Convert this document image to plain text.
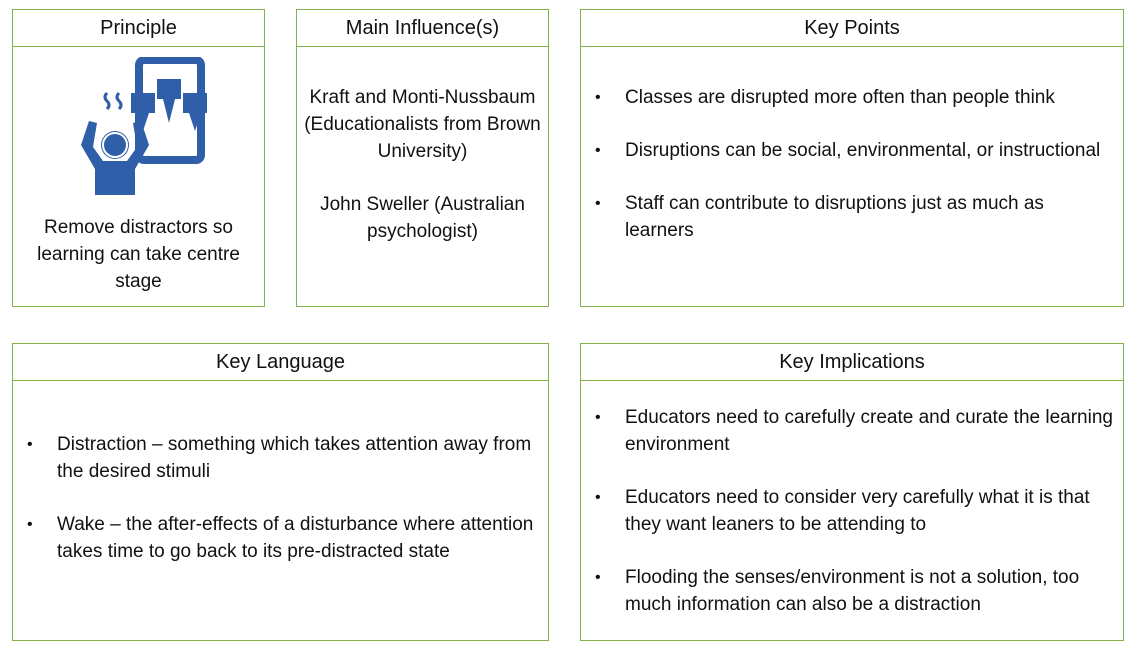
Principle
Remove distractors so learning can take centre stage
Main Influence(s)
Kraft and Monti-Nussbaum (Educationalists from Brown University)
John Sweller (Australian psychologist)
Key Points
• Classes are disrupted more often than people think
• Disruptions can be social, environmental, or instructional
• Staff can contribute to disruptions just as much as learners
Key Language
• Distraction – something which takes attention away from the desired stimuli
• Wake – the after-effects of a disturbance where attention takes time to go back to its pre-distracted state
Key Implications
• Educators need to carefully create and curate the learning environment
• Educators need to consider very carefully what it is that they want leaners to be attending to
• Flooding the senses/environment is not a solution, too much information can also be a distraction
